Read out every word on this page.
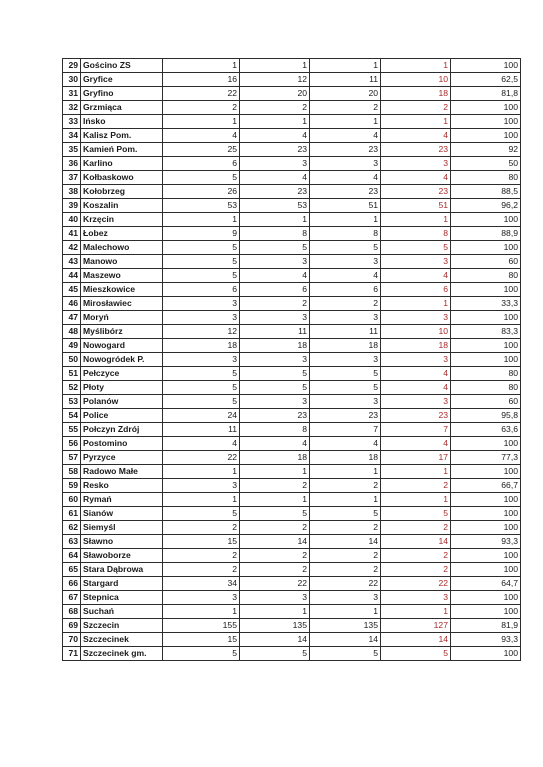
29	Gościno ZS	1	1	1	1	100
30	Gryfice	16	12	11	10	62,5
31	Gryfino	22	20	20	18	81,8
32	Grzmiąca	2	2	2	2	100
33	Ińsko	1	1	1	1	100
34	Kalisz Pom.	4	4	4	4	100
35	Kamień Pom.	25	23	23	23	92
36	Karlino	6	3	3	3	50
37	Kołbaskowo	5	4	4	4	80
38	Kołobrzeg	26	23	23	23	88,5
39	Koszalin	53	53	51	51	96,2
40	Krzęcin	1	1	1	1	100
41	Łobez	9	8	8	8	88,9
42	Malechowo	5	5	5	5	100
43	Manowo	5	3	3	3	60
44	Maszewo	5	4	4	4	80
45	Mieszkowice	6	6	6	6	100
46	Mirosławiec	3	2	2	1	33,3
47	Moryń	3	3	3	3	100
48	Myślibórz	12	11	11	10	83,3
49	Nowogard	18	18	18	18	100
50	Nowogródek P.	3	3	3	3	100
51	Pełczyce	5	5	5	4	80
52	Płoty	5	5	5	4	80
53	Polanów	5	3	3	3	60
54	Police	24	23	23	23	95,8
55	Połczyn Zdrój	11	8	7	7	63,6
56	Postomino	4	4	4	4	100
57	Pyrzyce	22	18	18	17	77,3
58	Radowo Małe	1	1	1	1	100
59	Resko	3	2	2	2	66,7
60	Rymań	1	1	1	1	100
61	Sianów	5	5	5	5	100
62	Siemyśl	2	2	2	2	100
63	Sławno	15	14	14	14	93,3
64	Sławoborze	2	2	2	2	100
65	Stara Dąbrowa	2	2	2	2	100
66	Stargard	34	22	22	22	64,7
67	Stepnica	3	3	3	3	100
68	Suchań	1	1	1	1	100
69	Szczecin	155	135	135	127	81,9
70	Szczecinek	15	14	14	14	93,3
71	Szczecinek gm.	5	5	5	5	100
